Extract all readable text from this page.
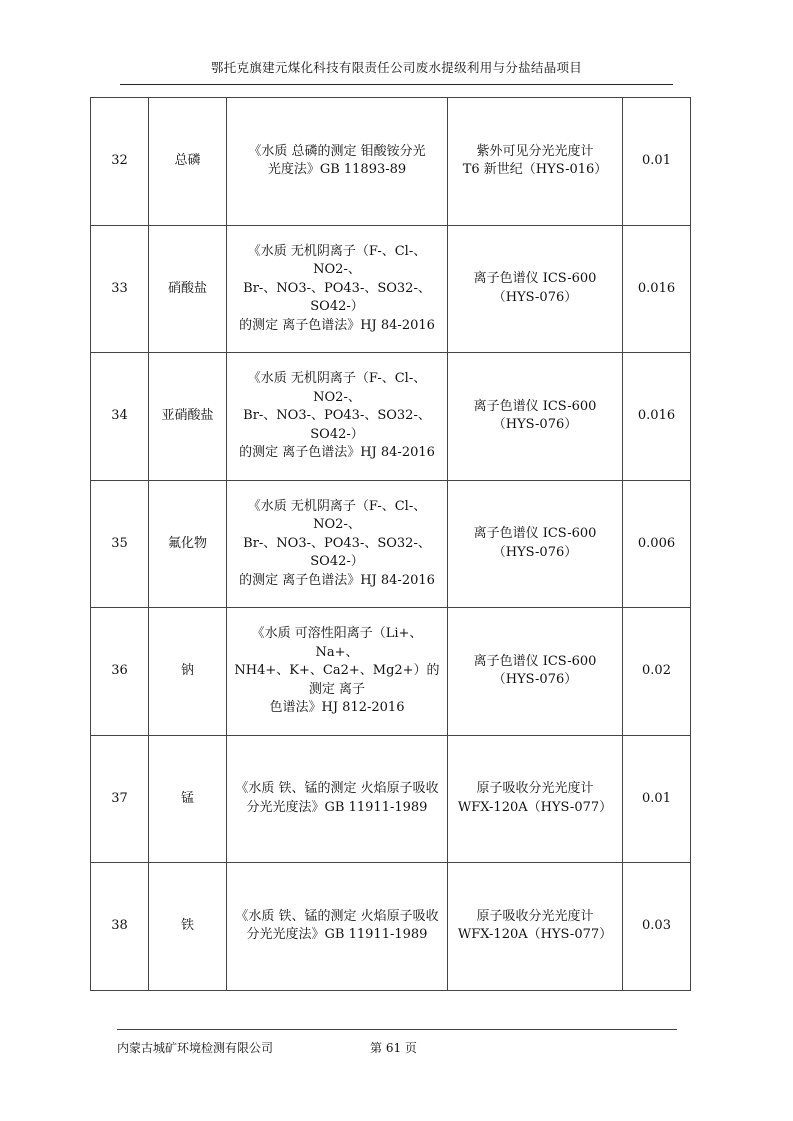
鄂托克旗建元煤化科技有限责任公司废水提级利用与分盐结晶项目
32	总磷	《水质 总磷的测定 钼酸铵分光
光度法》GB 11893-89	紫外可见分光光度计
T6 新世纪（HYS-016）	0.01
33	硝酸盐	《水质 无机阴离子（F-、Cl-、NO2-、
Br-、NO3-、PO43-、SO32-、SO42-）
的测定 离子色谱法》HJ 84-2016	离子色谱仪 ICS-600
（HYS-076）	0.016
34	亚硝酸盐	《水质 无机阴离子（F-、Cl-、NO2-、
Br-、NO3-、PO43-、SO32-、SO42-）
的测定 离子色谱法》HJ 84-2016	离子色谱仪 ICS-600
（HYS-076）	0.016
35	氟化物	《水质 无机阴离子（F-、Cl-、NO2-、
Br-、NO3-、PO43-、SO32-、SO42-）
的测定 离子色谱法》HJ 84-2016	离子色谱仪 ICS-600
（HYS-076）	0.006
36	钠	《水质 可溶性阳离子（Li+、Na+、
NH4+、K+、Ca2+、Mg2+）的测定 离子
色谱法》HJ 812-2016	离子色谱仪 ICS-600
（HYS-076）	0.02
37	锰	《水质 铁、锰的测定 火焰原子吸收
分光光度法》GB 11911-1989	原子吸收分光光度计
WFX-120A（HYS-077）	0.01
38	铁	《水质 铁、锰的测定 火焰原子吸收
分光光度法》GB 11911-1989	原子吸收分光光度计
WFX-120A（HYS-077）	0.03
内蒙古城矿环境检测有限公司	第 61 页
